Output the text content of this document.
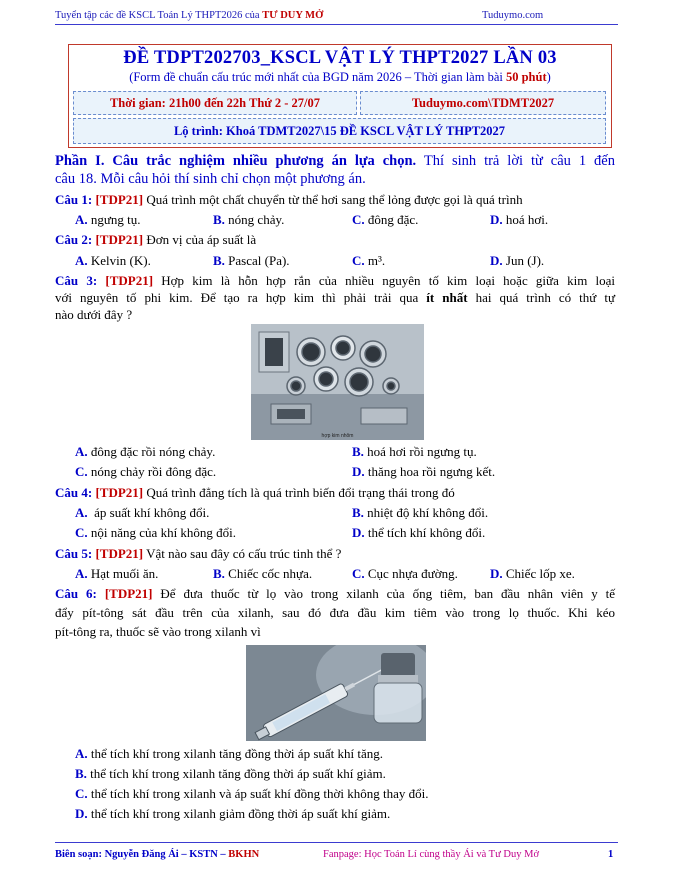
Tuyển tập các đề KSCL Toán Lý THPT2026 của TƯ DUY MỞ	Tuduymo.com
ĐỀ TDPT202703_KSCL VẬT LÝ THPT2027 LẦN 03
(Form đề chuẩn cấu trúc mới nhất của BGD năm 2026 – Thời gian làm bài 50 phút)
Thời gian: 21h00 đến 22h Thứ 2 - 27/07	Tuduymo.com\TDMT2027
Lộ trình: Khoá TDMT2027\15 ĐỀ KSCL VẬT LÝ THPT2027
Phần I. Câu trắc nghiệm nhiều phương án lựa chọn. Thí sinh trả lời từ câu 1 đến
câu 18. Mỗi câu hỏi thí sinh chỉ chọn một phương án.
Câu 1: [TDP21] Quá trình một chất chuyển từ thể hơi sang thể lỏng được gọi là quá trình
A. ngưng tụ.	B. nóng chảy.	C. đông đặc.	D. hoá hơi.
Câu 2: [TDP21] Đơn vị của áp suất là
A. Kelvin (K).	B. Pascal (Pa).	C. m³.	D. Jun (J).
Câu 3: [TDP21] Hợp kim là hỗn hợp rắn của nhiều nguyên tố kim loại hoặc giữa kim loại
với nguyên tố phi kim. Để tạo ra hợp kim thì phải trải qua ít nhất hai quá trình có thứ tự
nào dưới đây ?
hợp kim nhôm
A. đông đặc rồi nóng chảy.	B. hoá hơi rồi ngưng tụ.
C. nóng chảy rồi đông đặc.	D. thăng hoa rồi ngưng kết.
Câu 4: [TDP21] Quá trình đẳng tích là quá trình biến đổi trạng thái trong đó
A. áp suất khí không đổi.	B. nhiệt độ khí không đổi.
C. nội năng của khí không đổi.	D. thể tích khí không đổi.
Câu 5: [TDP21] Vật nào sau đây có cấu trúc tinh thể ?
A. Hạt muối ăn.	B. Chiếc cốc nhựa.	C. Cục nhựa đường. D. Chiếc lốp xe.
Câu 6: [TDP21] Để đưa thuốc từ lọ vào trong xilanh của ống tiêm, ban đầu nhân viên y tế
đẩy pít-tông sát đầu trên của xilanh, sau đó đưa đầu kim tiêm vào trong lọ thuốc. Khi kéo
pít-tông ra, thuốc sẽ vào trong xilanh vì
A. thể tích khí trong xilanh tăng đồng thời áp suất khí tăng.
B. thể tích khí trong xilanh tăng đồng thời áp suất khí giảm.
C. thể tích khí trong xilanh và áp suất khí đồng thời không thay đổi.
D. thể tích khí trong xilanh giảm đồng thời áp suất khí giảm.
Biên soạn: Nguyễn Đăng Ái – KSTN – BKHN	Fanpage: Học Toán Lí cùng thầy Ái và Tư Duy Mở	1
